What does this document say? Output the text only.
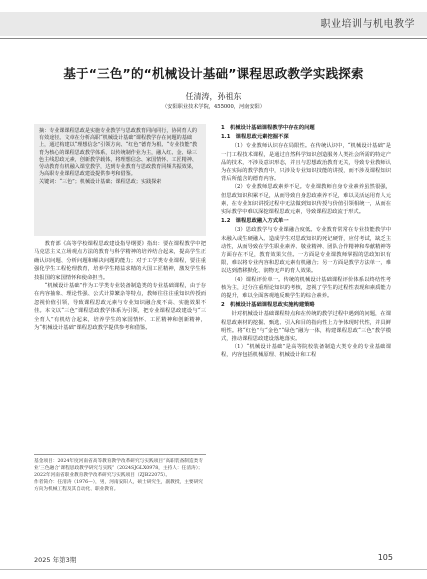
职业培训与机电教学
基于“三色”的“机械设计基础”课程思政教学实践探索
任清涛，孙祖东
（安阳职业技术学院，455000，河南安阳）
摘：专业课课程思政是实施专业教学与思政教育同向同行，协同育人的有效途径。文章在分析高职“机械设计基础”课程教学存在问题的基础上，通过构建以“理想信念”引领方向、“红色”德育为根、“专业技能”教育为核心的课程思政教学体系，以传统制作业为主，融入红、金、绿三色主线思政元素，创新教学载体，将理想信念、家国情怀、工匠精神、劳动教育有机融入课堂教学，达到专业教育与思政教育同频共振效果，为高职专业课程思政建设提供参考和借鉴。
关键词：“三色”；机械设计基础；课程思政；实践探索

教育部《高等学校课程思政建设指导纲要》指出：要在课程教学中把马克思主义立场观点方法的教育与科学精神的培养结合起来，提高学生正确认识问题、分析问题和解决问题的能力；对于工学类专业课程，要注重强化学生工程伦理教育，培养学生精益求精的大国工匠精神，激发学生科技报国的家国情怀和使命担当。

“机械设计基础”作为工学类专业装备制造类的专业基础课程，由于存在内容抽象、理论性强、公式计算繁杂等特点，教师往往注重知识传授而忽视价值引领，导致课程思政元素与专业知识融合度不高、实施效果不佳。本文以“三色”课程思政教学体系为引领，把专业课程思政建设与“三全育人”有机结合起来，培养学生的家国情怀、工匠精神和创新精神，为“机械设计基础”课程思政教学提供参考和借鉴。

基金项目：2024年度河南省高等教育教学改革研究与实践项目“高职装备制造类专业‘三色融合’课程思政教学研究与实践”（2024SJGLX0978，主持人：任清涛）；2022年河南省职业教育教学改革研究与实践项目（ZJB22075）。
作者简介：任清涛（1976—），男，河南安阳人，硕士研究生，副教授，主要研究方向为机械工程及其自动化、职业教育。
1　机械设计基础课程教学中存在的问题
1.1　课程思政元素挖掘不深

（1）专业教师认识存在局限性。在传统认识中，“机械设计基础”是一门工程技术课程，是通过自然科学知识创造服务人类社会所需的特定产品的技术，不涉及意识形态，并且与思想政治教育无关，导致专业教师认为在实际的教学教育中，只涉及专业知识技能的讲授，而不涉及课程知识背后所蕴含的德育内容。

（2）专业教师思政素养不足。专业课教师自身专业素养虽然很强，但思政知识积累不足，从而导致自身思政素养不足，难以灵活运用育人元素，在专业知识讲授过程中无法做到知识传授与价值引领相统一，从而在实际教学中难以深挖课程思政元素，导致课程思政流于形式。

1.2　课程思政融入方式单一

（3）思政教学与专业课融合度低。专业教育常常在专业技能教学中未融入或生硬融入、造成学生对思政知识的死记硬背，应付考试，缺乏主动性，从而导致在学生职业素养、敬业精神、团队合作精神和奉献精神等方面存在不足，教育效果欠佳。一方面是专业课教师掌握的思政知识有限，难以将专业内容和思政元素有机融合；另一方面是教学方法单一，难以达到潜移默化、润物无声的育人效果。

（4）课程评价单一。传统的机械设计基础课程评价体系以终结性考核为主，过分注重理论知识的考核，忽视了学生的过程性表现和素质能力的提升，难以全面客观地反映学生的综合素养。

2　机械设计基础课程思政实施构建策略

针对机械设计基础课程特点和在传统的教学过程中遇到的问题，在课程思政素材的挖掘、甄选、引入和目的指向性上力争体现时代性，并具鲜明性。将“红色”与“金色”“绿色”融为一体，构建课程思政“三色”教学模式，推动课程思政建设落地落实。

（1）“机械设计基础”是高等院校装备制造大类专业的专业基础课程，内容包括机械原理、机械设计和工程

2025 年第3期	105
